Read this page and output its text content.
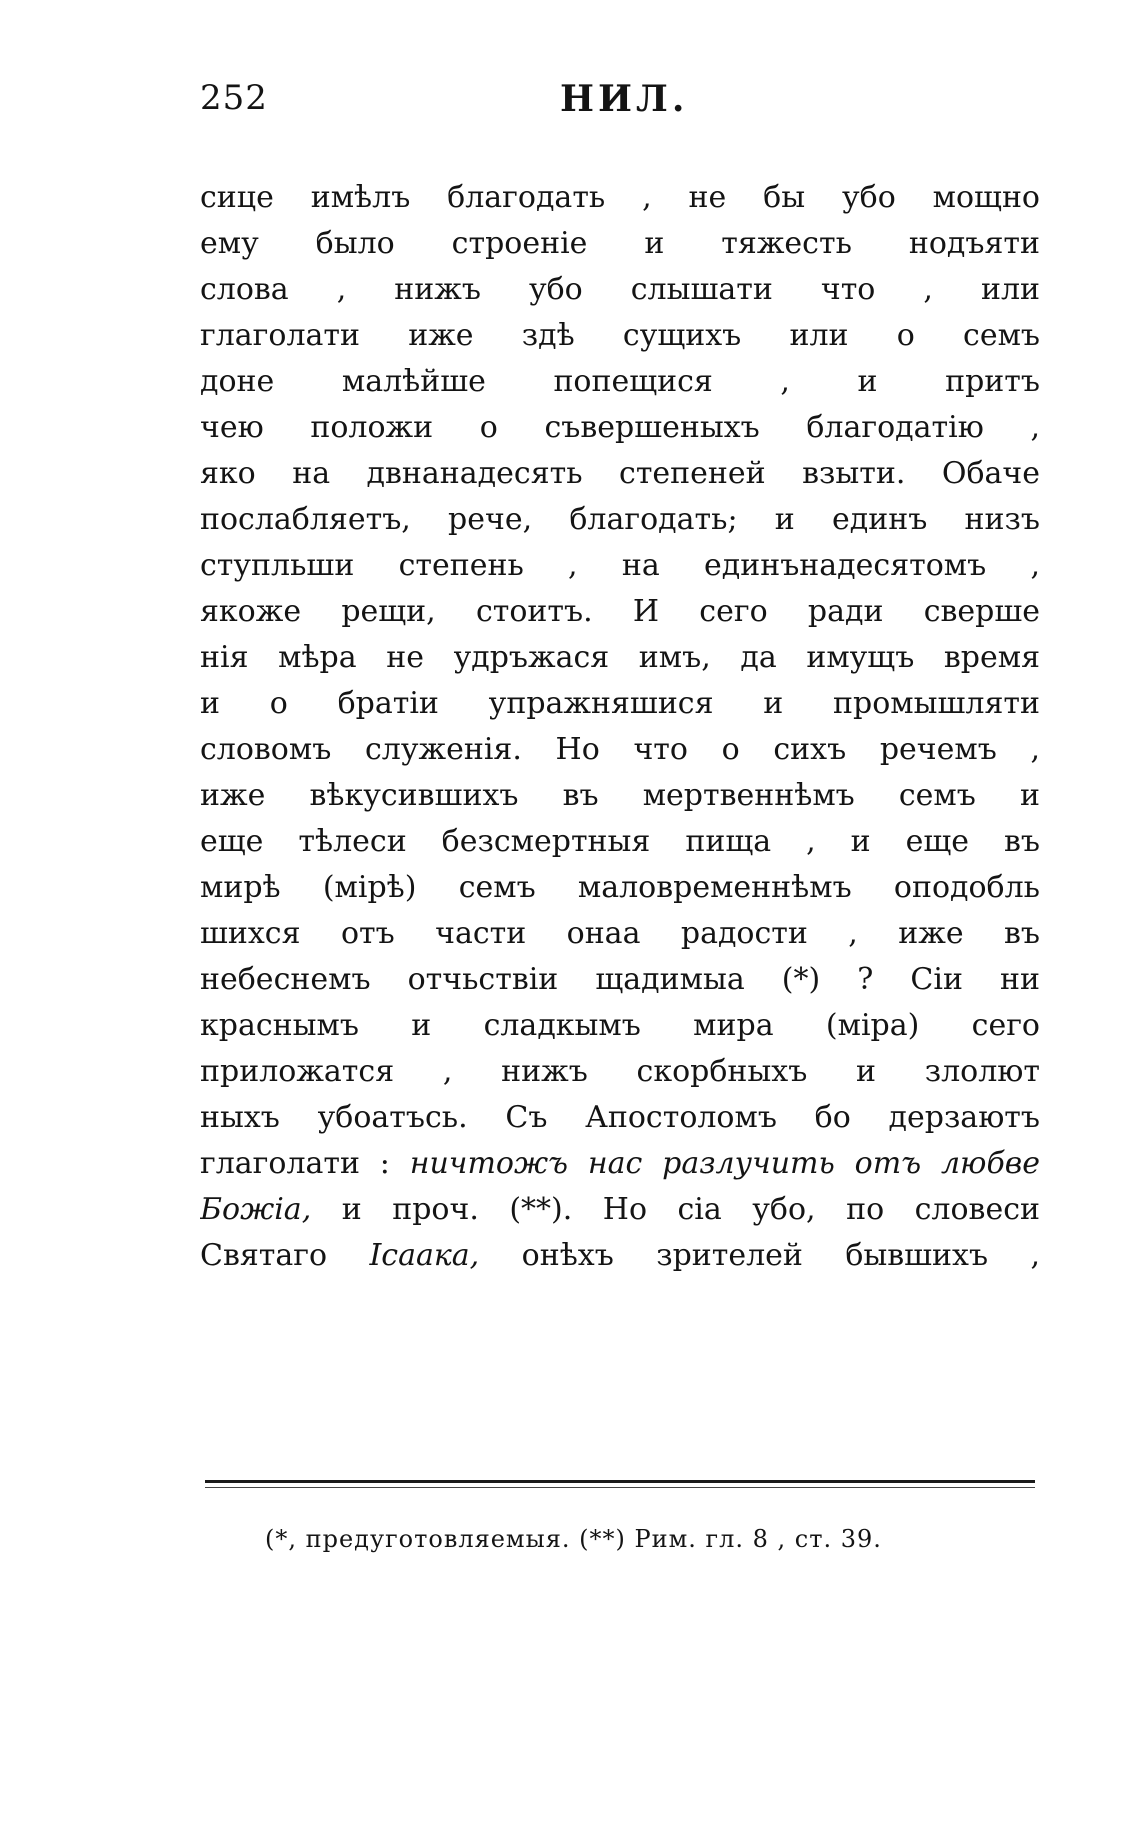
252	НИЛ.
сице имѣлъ благодать , не бы убо мощно
ему было строеніе и тяжесть нодъяти
слова , нижъ убо слышати что , или
глаголати иже здѣ сущихъ или о семъ
доне малѣйше попещися , и притъ
чею положи о съвершеныхъ благодатію ,
яко на двнанадесять степеней взыти. Обаче
послабляетъ, рече, благодать; и единъ низъ
ступльши степень , на единънадесятомъ ,
якоже рещи, стоитъ. И сего ради сверше
нія мѣра не удръжася имъ, да имущъ время
и о братіи упражняшися и промышляти
словомъ служенія. Но что о сихъ речемъ ,
иже вѣкусившихъ въ мертвеннѣмъ семъ и
еще тѣлеси безсмертныя пища , и еще въ
мирѣ (мірѣ) семъ маловременнѣмъ оподобль
шихся отъ части онаа радости , иже въ
небеснемъ отчьствіи щадимыа (*) ? Сіи ни
краснымъ и сладкымъ мира (міра) сего
приложатся , нижъ скорбныхъ и злолют
ныхъ убоатъсь. Съ Апостоломъ бо дерзаютъ
глаголати : ничтожъ нас разлучить отъ любве
Божіа, и проч. (**). Но сіа убо, по словеси
Святаго Ісаака, онѣхъ зрителей бывшихъ ,
(*, предуготовляемыя. (**) Рим. гл. 8 , ст. 39.
